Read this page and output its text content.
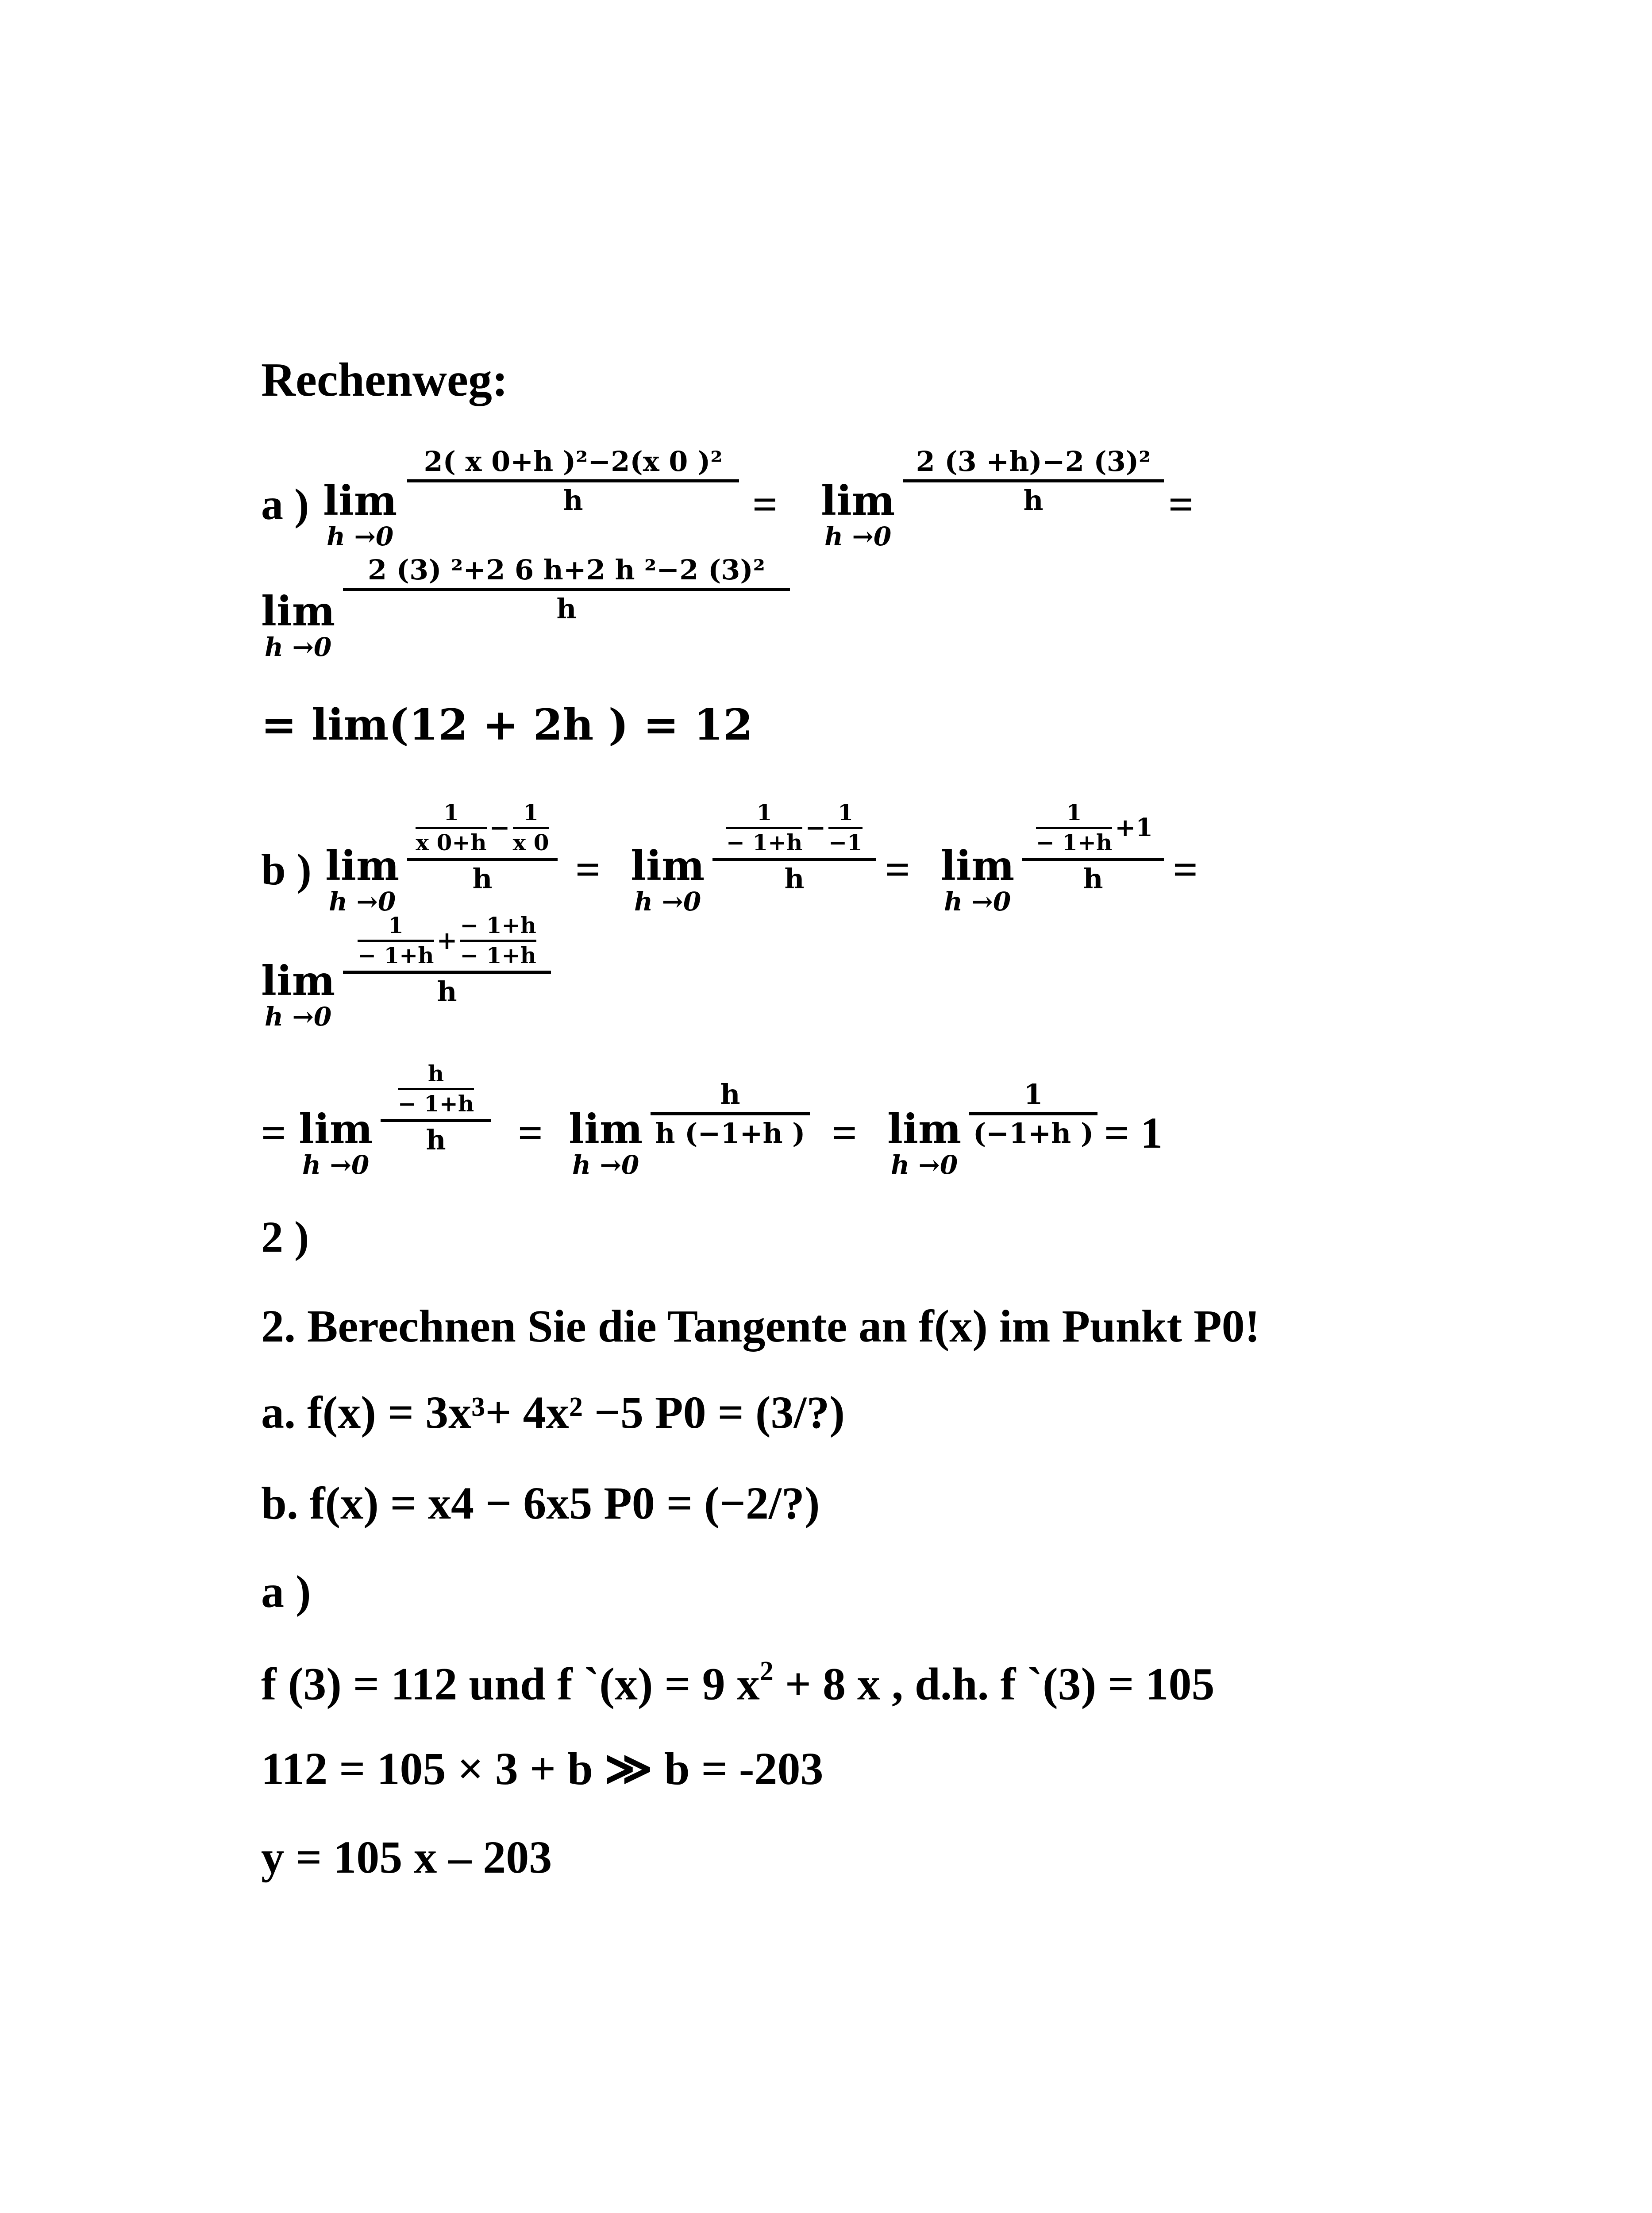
Rechenweg:
a ) lim
h →0
2( x 0+h )²−2(x 0 )²
h	= lim
h →0
2 (3 +h)−2 (3)²
h	=
lim
h →0
2 (3) ²+2 6 h+2 h ²−2 (3)²
h
= lim(12 + 2h ) = 12
b ) lim
h →0
1
x 0+h −
1
x 0
h = lim
h →0
1
− 1+h −
1
−1
h = lim
h →0
1
− 1+h +1
h =
lim
h →0
1
− 1+h +
− 1+h
− 1+h
h
= lim
h →0
h
− 1+h
h = lim
h →0
h
h (−1+h ) = lim
h →0
1
(−1+h ) = 1
2 )
2. Berechnen Sie die Tangente an f(x) im Punkt P0!
a. f(x) = 3x³+ 4x² −5 P0 = (3/?)
b. f(x) = x4 − 6x5 P0 = (−2/?)
a )
f (3) = 112 und f `(x) = 9 $x^2 + 8$ x , d.h. f `(3) = 105
112 = 105 × 3 + b ≫ b = -203
y = 105 x – 203
